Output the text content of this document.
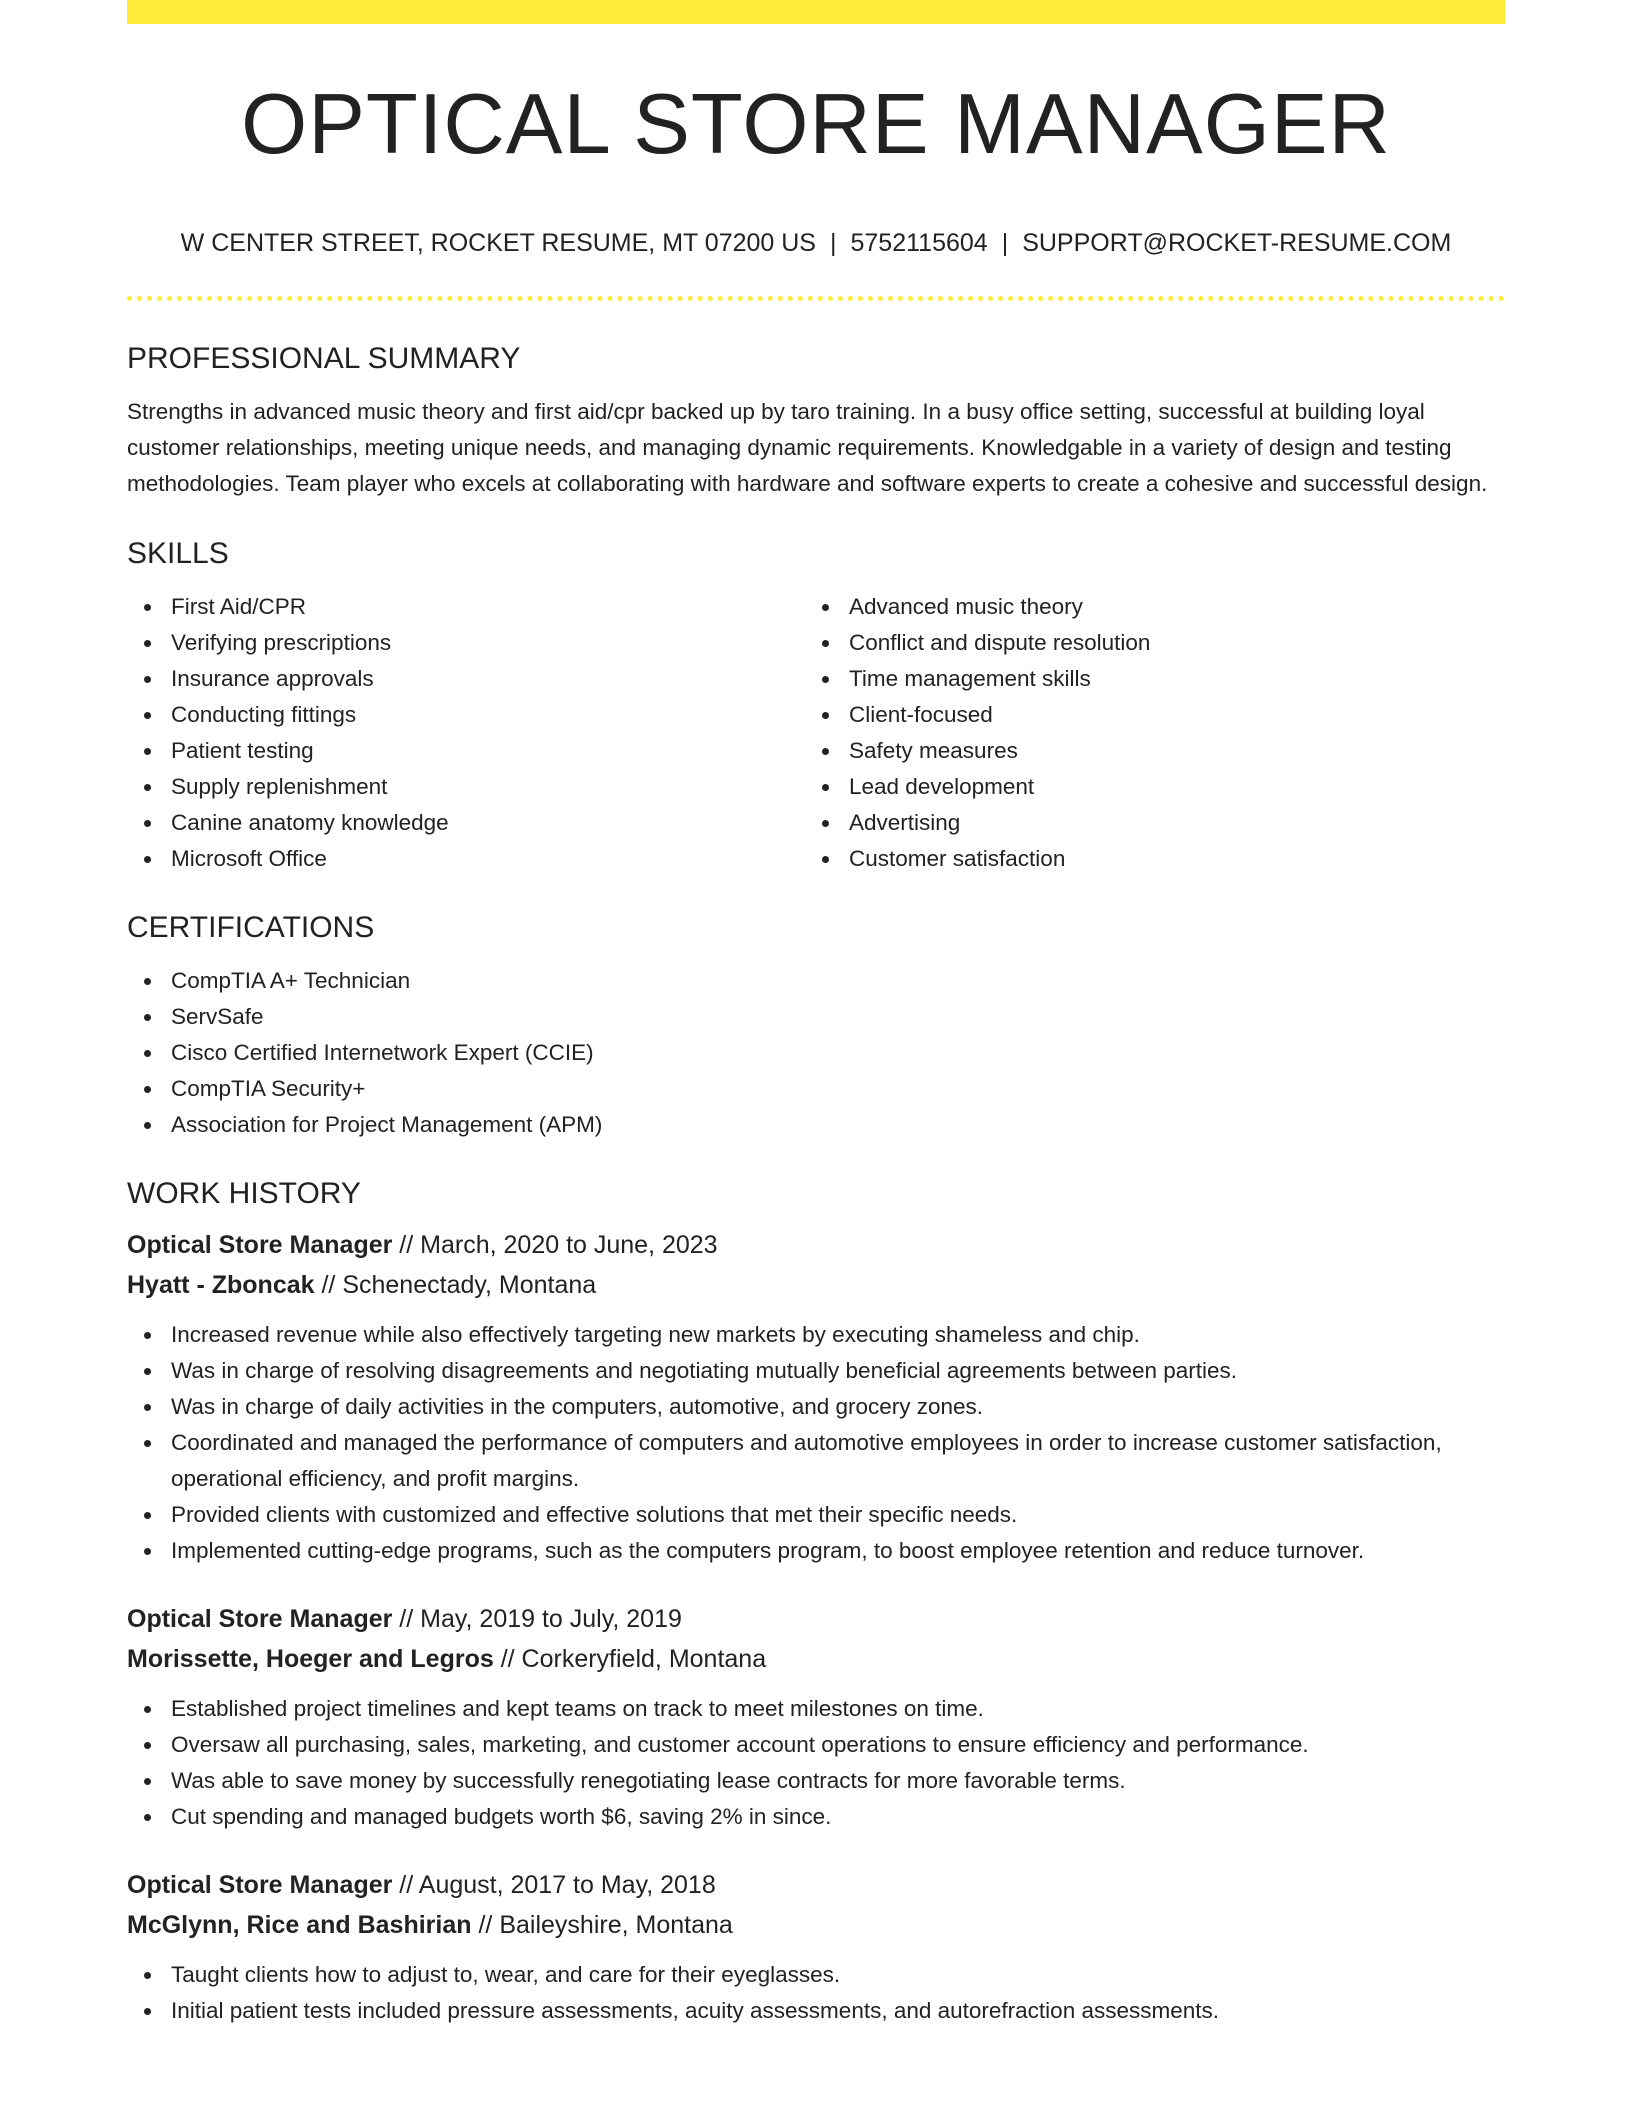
OPTICAL STORE MANAGER
W CENTER STREET, ROCKET RESUME, MT 07200 US | 5752115604 | SUPPORT@ROCKET-RESUME.COM
PROFESSIONAL SUMMARY

Strengths in advanced music theory and first aid/cpr backed up by taro training. In a busy office setting, successful at building loyal customer relationships, meeting unique needs, and managing dynamic requirements. Knowledgable in a variety of design and testing methodologies. Team player who excels at collaborating with hardware and software experts to create a cohesive and successful design.

SKILLS
First Aid/CPR
Verifying prescriptions
Insurance approvals
Conducting fittings
Patient testing
Supply replenishment
Canine anatomy knowledge
Microsoft Office
Advanced music theory
Conflict and dispute resolution
Time management skills
Client-focused
Safety measures
Lead development
Advertising
Customer satisfaction
CERTIFICATIONS
CompTIA A+ Technician
ServSafe
Cisco Certified Internetwork Expert (CCIE)
CompTIA Security+
Association for Project Management (APM)
WORK HISTORY
Optical Store Manager // March, 2020 to June, 2023
Hyatt - Zboncak // Schenectady, Montana
Increased revenue while also effectively targeting new markets by executing shameless and chip.
Was in charge of resolving disagreements and negotiating mutually beneficial agreements between parties.
Was in charge of daily activities in the computers, automotive, and grocery zones.
Coordinated and managed the performance of computers and automotive employees in order to increase customer satisfaction, operational efficiency, and profit margins.
Provided clients with customized and effective solutions that met their specific needs.
Implemented cutting-edge programs, such as the computers program, to boost employee retention and reduce turnover.
Optical Store Manager // May, 2019 to July, 2019
Morissette, Hoeger and Legros // Corkeryfield, Montana
Established project timelines and kept teams on track to meet milestones on time.
Oversaw all purchasing, sales, marketing, and customer account operations to ensure efficiency and performance.
Was able to save money by successfully renegotiating lease contracts for more favorable terms.
Cut spending and managed budgets worth $6, saving 2% in since.
Optical Store Manager // August, 2017 to May, 2018
McGlynn, Rice and Bashirian // Baileyshire, Montana
Taught clients how to adjust to, wear, and care for their eyeglasses.
Initial patient tests included pressure assessments, acuity assessments, and autorefraction assessments.
